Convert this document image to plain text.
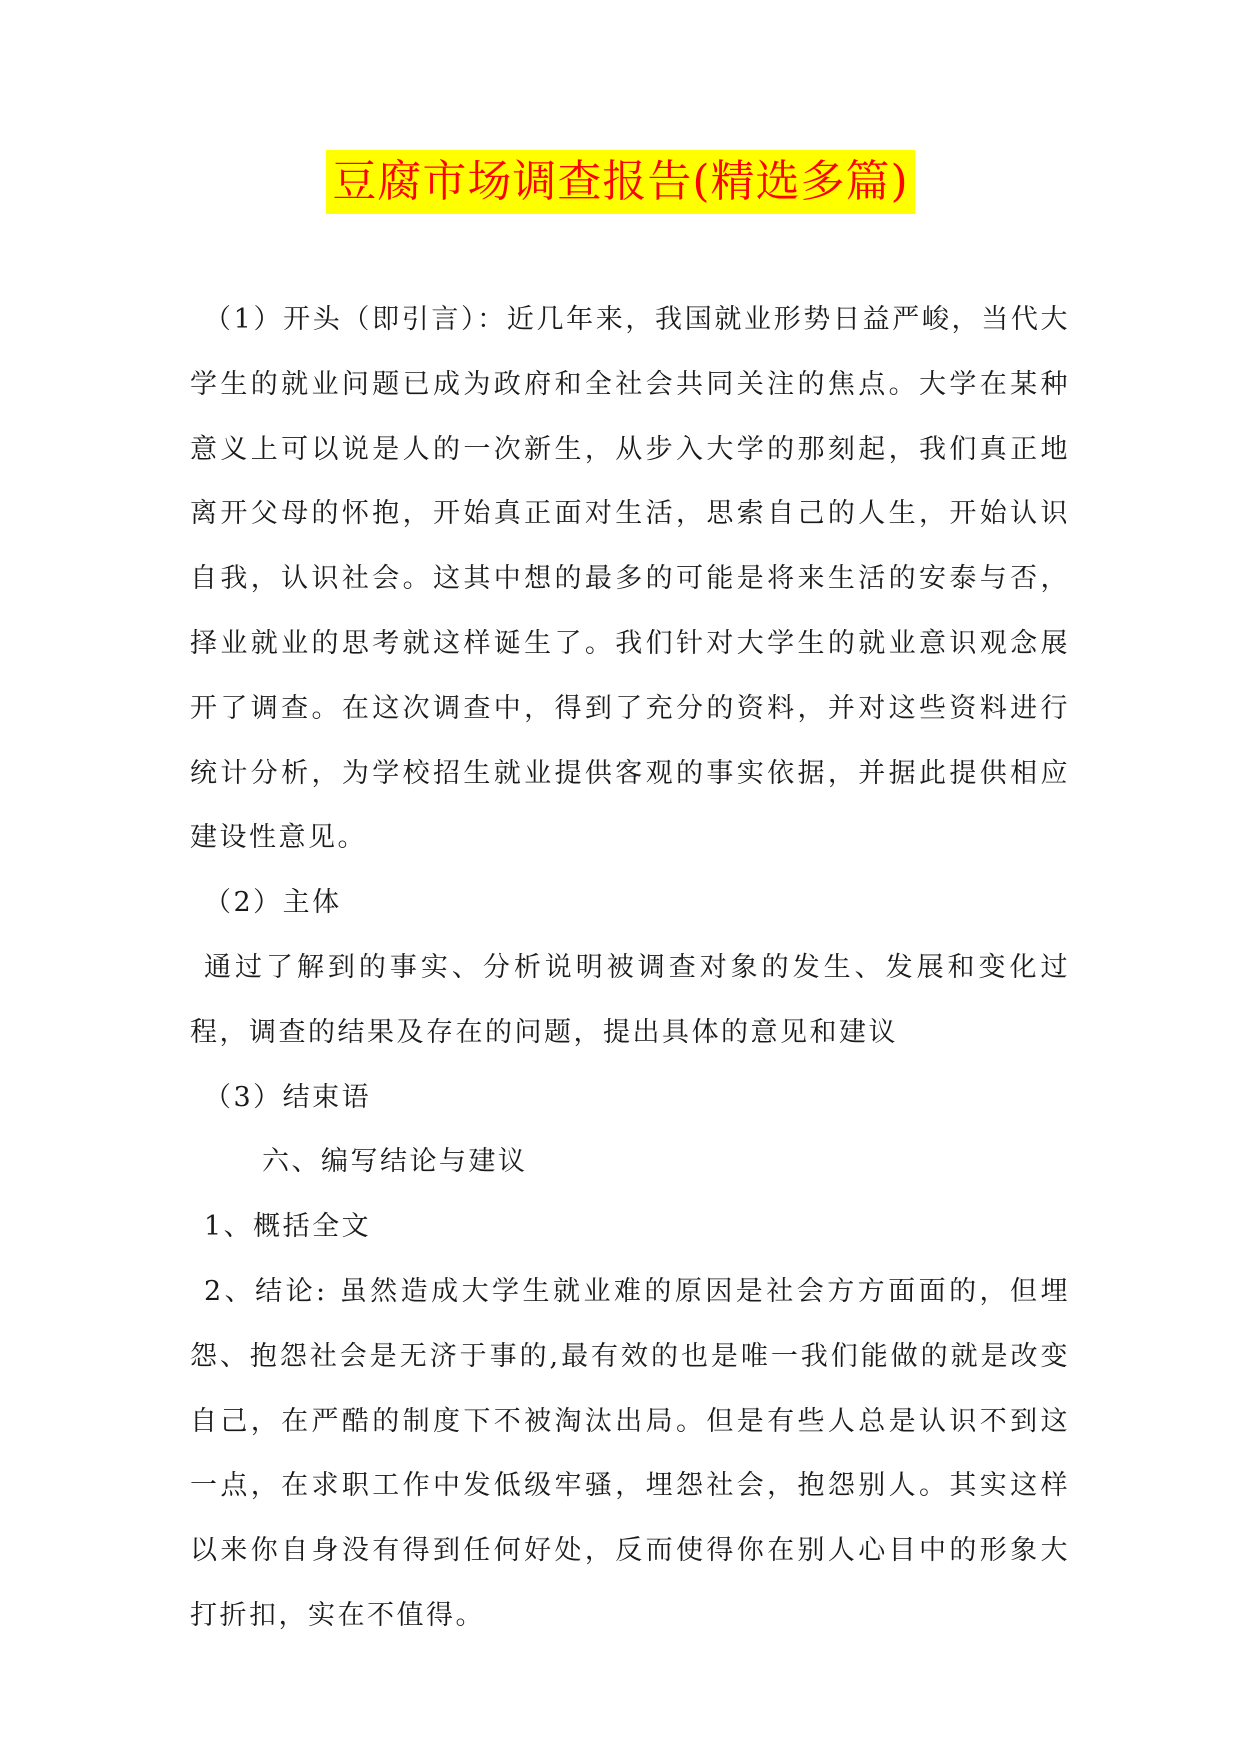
豆腐市场调查报告(精选多篇)

（1）开头（即引言）：近几年来，我国就业形势日益严峻，当代大学生的就业问题已成为政府和全社会共同关注的焦点。大学在某种意义上可以说是人的一次新生，从步入大学的那刻起，我们真正地离开父母的怀抱，开始真正面对生活，思索自己的人生，开始认识自我，认识社会。这其中想的最多的可能是将来生活的安泰与否，择业就业的思考就这样诞生了。我们针对大学生的就业意识观念展开了调查。在这次调查中，得到了充分的资料，并对这些资料进行统计分析，为学校招生就业提供客观的事实依据，并据此提供相应建设性意见。

（2）主体

通过了解到的事实、分析说明被调查对象的发生、发展和变化过程，调查的结果及存在的问题，提出具体的意见和建议

（3）结束语

六、编写结论与建议

1、概括全文

2、结论: 虽然造成大学生就业难的原因是社会方方面面的，但埋怨、抱怨社会是无济于事的,最有效的也是唯一我们能做的就是改变自己，在严酷的制度下不被淘汰出局。但是有些人总是认识不到这一点，在求职工作中发低级牢骚，埋怨社会，抱怨别人。其实这样以来你自身没有得到任何好处，反而使得你在别人心目中的形象大打折扣，实在不值得。
